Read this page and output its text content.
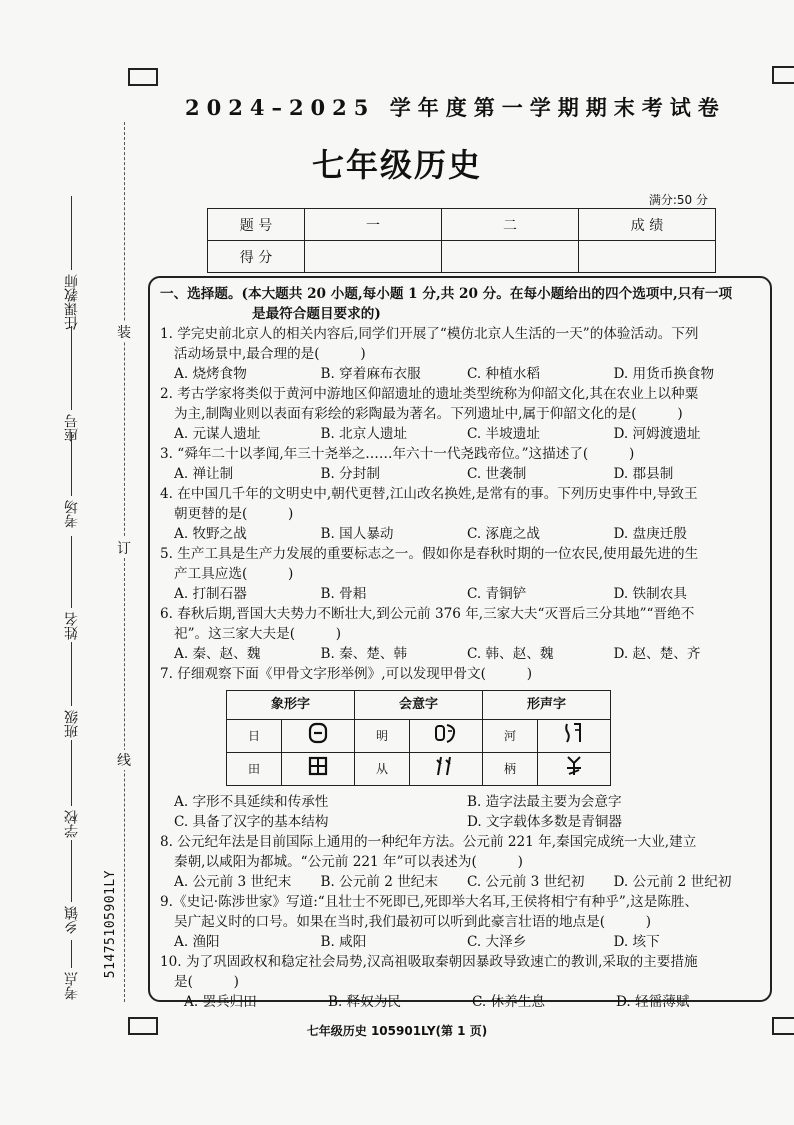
装
订
线
任课教师
座号
考场
姓名
班级
学校
乡镇
考点
51475105901LY
2024–2025 学年度第一学期期末考试卷
七年级历史
满分:50 分
题 号	一	二	成 绩
得 分			
一、选择题。(本大题共 20 小题,每小题 1 分,共 20 分。在每小题给出的四个选项中,只有一项
是最符合题目要求的)
1. 学完史前北京人的相关内容后,同学们开展了“模仿北京人生活的一天”的体验活动。下列
活动场景中,最合理的是(　　　)
A. 烧烤食物	B. 穿着麻布衣服	C. 种植水稻	D. 用货币换食物
2. 考古学家将类似于黄河中游地区仰韶遗址的遗址类型统称为仰韶文化,其在农业上以种粟
为主,制陶业则以表面有彩绘的彩陶最为著名。下列遗址中,属于仰韶文化的是(　　　)
A. 元谋人遗址	B. 北京人遗址	C. 半坡遗址	D. 河姆渡遗址
3. “舜年二十以孝闻,年三十尧举之……年六十一代尧践帝位。”这描述了(　　　)
A. 禅让制	B. 分封制	C. 世袭制	D. 郡县制
4. 在中国几千年的文明史中,朝代更替,江山改名换姓,是常有的事。下列历史事件中,导致王
朝更替的是(　　　)
A. 牧野之战	B. 国人暴动	C. 涿鹿之战	D. 盘庚迁殷
5. 生产工具是生产力发展的重要标志之一。假如你是春秋时期的一位农民,使用最先进的生
产工具应选(　　　)
A. 打制石器	B. 骨耜	C. 青铜铲	D. 铁制农具
6. 春秋后期,晋国大夫势力不断壮大,到公元前 376 年,三家大夫“灭晋后三分其地”“晋绝不
祀”。这三家大夫是(　　　)
A. 秦、赵、魏	B. 秦、楚、韩	C. 韩、赵、魏	D. 赵、楚、齐
7. 仔细观察下面《甲骨文字形举例》,可以发现甲骨文(　　　)
象形字		会意字		形声字	
日		明		河	
田		从		柄	
A. 字形不具延续和传承性	B. 造字法最主要为会意字
C. 具备了汉字的基本结构	D. 文字载体多数是青铜器
8. 公元纪年法是目前国际上通用的一种纪年方法。公元前 221 年,秦国完成统一大业,建立
秦朝,以咸阳为都城。“公元前 221 年”可以表述为(　　　)
A. 公元前 3 世纪末	B. 公元前 2 世纪末	C. 公元前 3 世纪初	D. 公元前 2 世纪初
9.《史记·陈涉世家》写道:“且壮士不死即已,死即举大名耳,王侯将相宁有种乎”,这是陈胜、
吴广起义时的口号。如果在当时,我们最初可以听到此豪言壮语的地点是(　　　)
A. 渔阳	B. 咸阳	C. 大泽乡	D. 垓下
10. 为了巩固政权和稳定社会局势,汉高祖吸取秦朝因暴政导致速亡的教训,采取的主要措施
是(　　　)
A. 罢兵归田	B. 释奴为民	C. 休养生息	D. 轻徭薄赋
七年级历史 105901LY(第 1 页)
